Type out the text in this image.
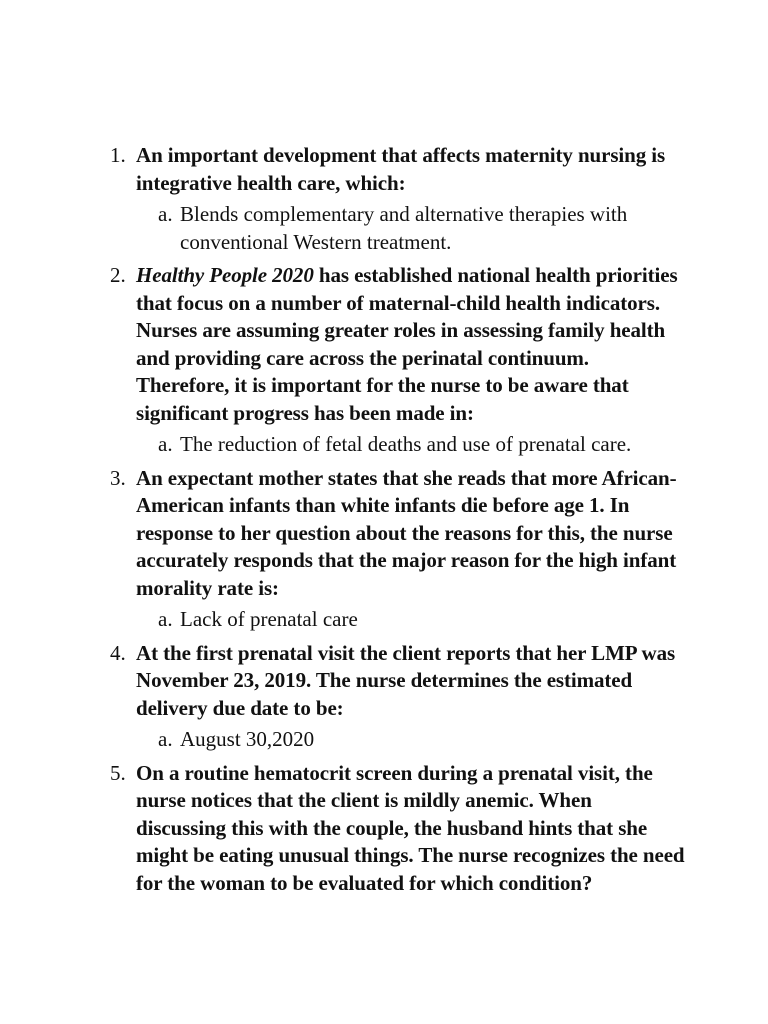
1. An important development that affects maternity nursing is integrative health care, which:
a. Blends complementary and alternative therapies with conventional Western treatment.
2. Healthy People 2020 has established national health priorities that focus on a number of maternal-child health indicators. Nurses are assuming greater roles in assessing family health and providing care across the perinatal continuum. Therefore, it is important for the nurse to be aware that significant progress has been made in:
a. The reduction of fetal deaths and use of prenatal care.
3. An expectant mother states that she reads that more African-American infants than white infants die before age 1. In response to her question about the reasons for this, the nurse accurately responds that the major reason for the high infant morality rate is:
a. Lack of prenatal care
4. At the first prenatal visit the client reports that her LMP was November 23, 2019. The nurse determines the estimated delivery due date to be:
a. August 30,2020
5. On a routine hematocrit screen during a prenatal visit, the nurse notices that the client is mildly anemic. When discussing this with the couple, the husband hints that she might be eating unusual things. The nurse recognizes the need for the woman to be evaluated for which condition?
